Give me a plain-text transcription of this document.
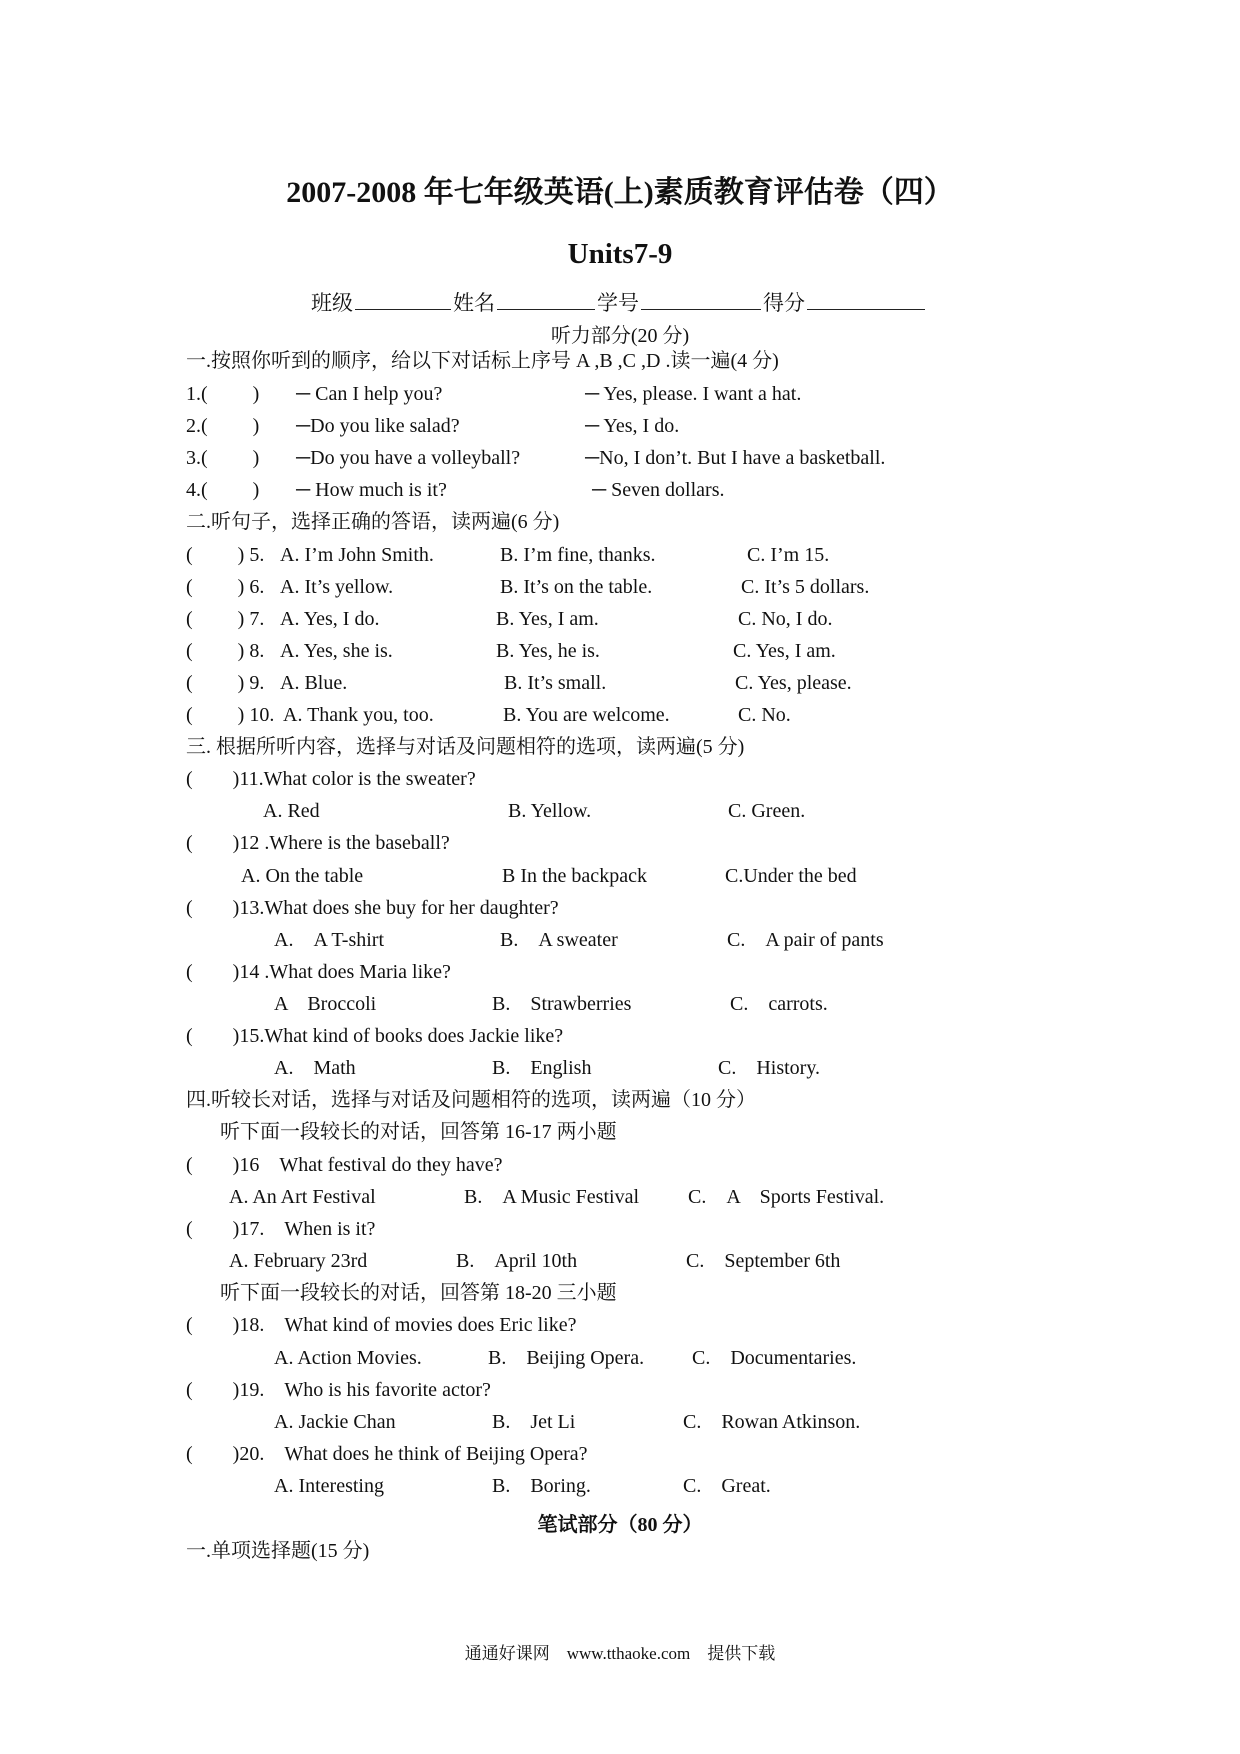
2007-2008 年七年级英语(上)素质教育评估卷（四）
Units7-9
班级	姓名	学号	得分
听力部分(20 分)
一.按照你听到的顺序，给以下对话标上序号 A ,B ,C ,D .读一遍(4 分)
1.(　　 ) ─ Can I help you?	─ Yes, please. I want a hat.
2.(　　 ) ─Do you like salad?	─ Yes, I do.
3.(　　 ) ─Do you have a volleyball?	─No, I don’t. But I have a basketball.
4.(　　 ) ─ How much is it?	─ Seven dollars.
二.听句子，选择正确的答语，读两遍(6 分)
(　　 ) 5. A. I’m John Smith.	B. I’m fine, thanks.	C. I’m 15.
(　　 ) 6. A. It’s yellow.	B. It’s on the table.	C. It’s 5 dollars.
(　　 ) 7. A. Yes, I do.	B. Yes, I am.	C. No, I do.
(　　 ) 8. A. Yes, she is.	B. Yes, he is.	C. Yes, I am.
(　　 ) 9. A. Blue.	B. It’s small.	C. Yes, please.
(　　 ) 10. A. Thank you, too.	B. You are welcome.	C. No.
三. 根据所听内容，选择与对话及问题相符的选项，读两遍(5 分)
(　　)11.What color is the sweater?
A. Red	B. Yellow.	C. Green.
(　　)12 .Where is the baseball?
A. On the table	B In the backpack	C.Under the bed
(　　)13.What does she buy for her daughter?
A.　A T-shirt	B.　A sweater	C.　A pair of pants
(　　)14 .What does Maria like?
A　Broccoli	B.　Strawberries	C.　carrots.
(　　)15.What kind of books does Jackie like?
A.　Math	B.　English	C.　History.
四.听较长对话，选择与对话及问题相符的选项，读两遍（10 分）
听下面一段较长的对话，回答第 16-17 两小题
(　　)16　What festival do they have?
A. An Art Festival	B.　A Music Festival C.　A　Sports Festival.
(　　)17.　When is it?
A. February 23rd	B.　April 10th	C.　September 6th
听下面一段较长的对话，回答第 18-20 三小题
(　　)18.　What kind of movies does Eric like?
A. Action Movies.	B.　Beijing Opera. C.　Documentaries.
(　　)19.　Who is his favorite actor?
A. Jackie Chan	B.　Jet Li	C.　Rowan Atkinson.
(　　)20.　What does he think of Beijing Opera?
A. Interesting	B.　Boring.	C.　Great.
笔试部分（80 分）
一.单项选择题(15 分)
通通好课网　www.tthaoke.com　提供下载
